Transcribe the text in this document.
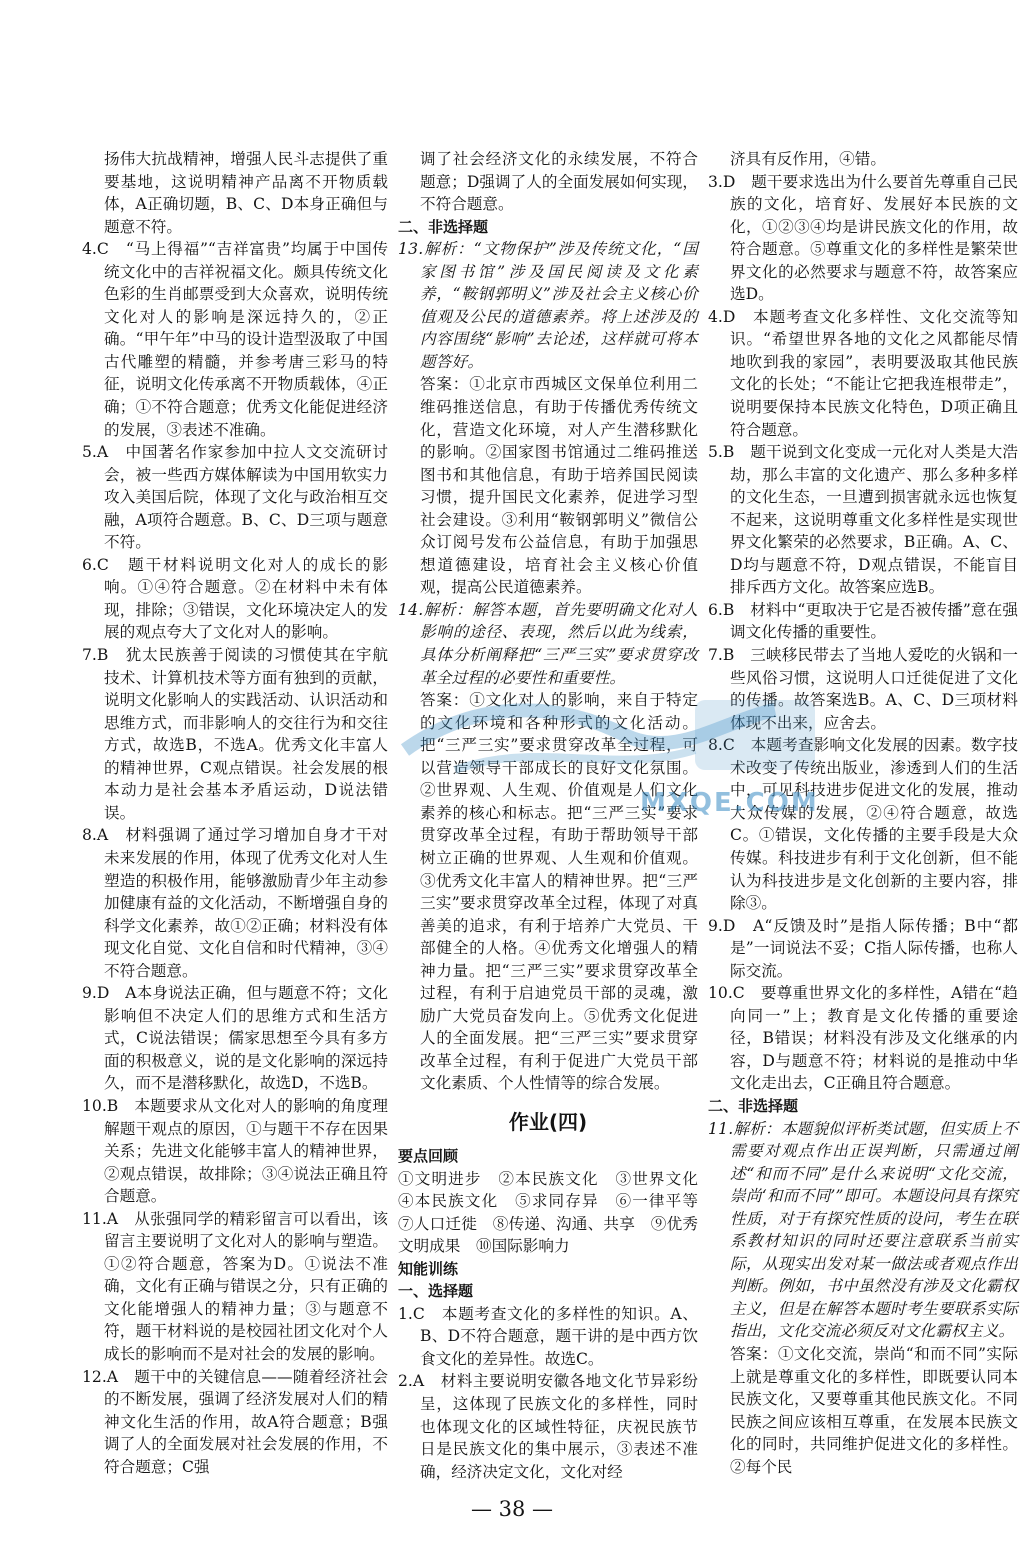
扬伟大抗战精神，增强人民斗志提供了重要基地，这说明精神产品离不开物质载体，A正确切题，B、C、D本身正确但与题意不符。
4.C　“马上得福”“吉祥富贵”均属于中国传统文化中的吉祥祝福文化。颇具传统文化色彩的生肖邮票受到大众喜欢，说明传统文化对人的影响是深远持久的，②正确。“甲午年”中马的设计造型汲取了中国古代雕塑的精髓，并参考唐三彩马的特征，说明文化传承离不开物质载体，④正确；①不符合题意；优秀文化能促进经济的发展，③表述不准确。
5.A　中国著名作家参加中拉人文交流研讨会，被一些西方媒体解读为中国用软实力攻入美国后院，体现了文化与政治相互交融，A项符合题意。B、C、D三项与题意不符。
6.C　题干材料说明文化对人的成长的影响。①④符合题意。②在材料中未有体现，排除；③错误，文化环境决定人的发展的观点夸大了文化对人的影响。
7.B　犹太民族善于阅读的习惯使其在宇航技术、计算机技术等方面有独到的贡献，说明文化影响人的实践活动、认识活动和思维方式，而非影响人的交往行为和交往方式，故选B，不选A。优秀文化丰富人的精神世界，C观点错误。社会发展的根本动力是社会基本矛盾运动，D说法错误。
8.A　材料强调了通过学习增加自身才干对未来发展的作用，体现了优秀文化对人生塑造的积极作用，能够激励青少年主动参加健康有益的文化活动，不断增强自身的科学文化素养，故①②正确；材料没有体现文化自觉、文化自信和时代精神，③④不符合题意。
9.D　A本身说法正确，但与题意不符；文化影响但不决定人们的思维方式和生活方式，C说法错误；儒家思想至今具有多方面的积极意义，说的是文化影响的深远持久，而不是潜移默化，故选D，不选B。
10.B　本题要求从文化对人的影响的角度理解题干观点的原因，①与题干不存在因果关系；先进文化能够丰富人的精神世界，②观点错误，故排除；③④说法正确且符合题意。
11.A　从张强同学的精彩留言可以看出，该留言主要说明了文化对人的影响与塑造。①②符合题意，答案为D。①说法不准确，文化有正确与错误之分，只有正确的文化能增强人的精神力量；③与题意不符，题干材料说的是校园社团文化对个人成长的影响而不是对社会的发展的影响。
12.A　题干中的关键信息——随着经济社会的不断发展，强调了经济发展对人们的精神文化生活的作用，故A符合题意；B强调了人的全面发展对社会发展的作用，不符合题意；C强
调了社会经济文化的永续发展，不符合题意；D强调了人的全面发展如何实现，不符合题意。
二、非选择题
13.解析：“文物保护”涉及传统文化，“国家图书馆”涉及国民阅读及文化素养，“鞍钢郭明义”涉及社会主义核心价值观及公民的道德素养。将上述涉及的内容围绕“影响”去论述，这样就可将本题答好。
答案：①北京市西城区文保单位利用二维码推送信息，有助于传播优秀传统文化，营造文化环境，对人产生潜移默化的影响。②国家图书馆通过二维码推送图书和其他信息，有助于培养国民阅读习惯，提升国民文化素养，促进学习型社会建设。③利用“鞍钢郭明义”微信公众订阅号发布公益信息，有助于加强思想道德建设，培育社会主义核心价值观，提高公民道德素养。
14.解析：解答本题，首先要明确文化对人影响的途径、表现，然后以此为线索，具体分析阐释把“三严三实”要求贯穿改革全过程的必要性和重要性。
答案：①文化对人的影响，来自于特定的文化环境和各种形式的文化活动。把“三严三实”要求贯穿改革全过程，可以营造领导干部成长的良好文化氛围。②世界观、人生观、价值观是人们文化素养的核心和标志。把“三严三实”要求贯穿改革全过程，有助于帮助领导干部树立正确的世界观、人生观和价值观。③优秀文化丰富人的精神世界。把“三严三实”要求贯穿改革全过程，体现了对真善美的追求，有利于培养广大党员、干部健全的人格。④优秀文化增强人的精神力量。把“三严三实”要求贯穿改革全过程，有利于启迪党员干部的灵魂，激励广大党员奋发向上。⑤优秀文化促进人的全面发展。把“三严三实”要求贯穿改革全过程，有利于促进广大党员干部文化素质、个人性情等的综合发展。
作业(四)
要点回顾
①文明进步　②本民族文化　③世界文化　④本民族文化　⑤求同存异　⑥一律平等　⑦人口迁徙　⑧传递、沟通、共享　⑨优秀文明成果　⑩国际影响力
知能训练
一、选择题
1.C　本题考查文化的多样性的知识。A、B、D不符合题意，题干讲的是中西方饮食文化的差异性。故选C。
2.A　材料主要说明安徽各地文化节异彩纷呈，这体现了民族文化的多样性，同时也体现文化的区域性特征，庆祝民族节日是民族文化的集中展示，③表述不准确，经济决定文化，文化对经
济具有反作用，④错。
3.D　题干要求选出为什么要首先尊重自己民族的文化，培育好、发展好本民族的文化，①②③④均是讲民族文化的作用，故符合题意。⑤尊重文化的多样性是繁荣世界文化的必然要求与题意不符，故答案应选D。
4.D　本题考查文化多样性、文化交流等知识。“希望世界各地的文化之风都能尽情地吹到我的家园”，表明要汲取其他民族文化的长处；“不能让它把我连根带走”，说明要保持本民族文化特色，D项正确且符合题意。
5.B　题干说到文化变成一元化对人类是大浩劫，那么丰富的文化遗产、那么多种多样的文化生态，一旦遭到损害就永远也恢复不起来，这说明尊重文化多样性是实现世界文化繁荣的必然要求，B正确。A、C、D均与题意不符，D观点错误，不能盲目排斥西方文化。故答案应选B。
6.B　材料中“更取决于它是否被传播”意在强调文化传播的重要性。
7.B　三峡移民带去了当地人爱吃的火锅和一些风俗习惯，这说明人口迁徙促进了文化的传播。故答案选B。A、C、D三项材料体现不出来，应舍去。
8.C　本题考查影响文化发展的因素。数字技术改变了传统出版业，渗透到人们的生活中，可见科技进步促进文化的发展，推动大众传媒的发展，②④符合题意，故选C。①错误，文化传播的主要手段是大众传媒。科技进步有利于文化创新，但不能认为科技进步是文化创新的主要内容，排除③。
9.D　A“反馈及时”是指人际传播；B中“都是”一词说法不妥；C指人际传播，也称人际交流。
10.C　要尊重世界文化的多样性，A错在“趋向同一”上；教育是文化传播的重要途径，B错误；材料没有涉及文化继承的内容，D与题意不符；材料说的是推动中华文化走出去，C正确且符合题意。
二、非选择题
11.解析：本题貌似评析类试题，但实质上不需要对观点作出正误判断，只需通过阐述“和而不同”是什么来说明“文化交流，崇尚‘和而不同’”即可。本题设问具有探究性质，对于有探究性质的设问，考生在联系教材知识的同时还要注意联系当前实际，从现实出发对某一做法或者观点作出判断。例如，书中虽然没有涉及文化霸权主义，但是在解答本题时考生要联系实际指出，文化交流必须反对文化霸权主义。
答案：①文化交流，崇尚“和而不同”实际上就是尊重文化的多样性，即既要认同本民族文化，又要尊重其他民族文化。不同民族之间应该相互尊重，在发展本民族文化的同时，共同维护促进文化的多样性。②每个民
MXQE.COM
— 38 —
